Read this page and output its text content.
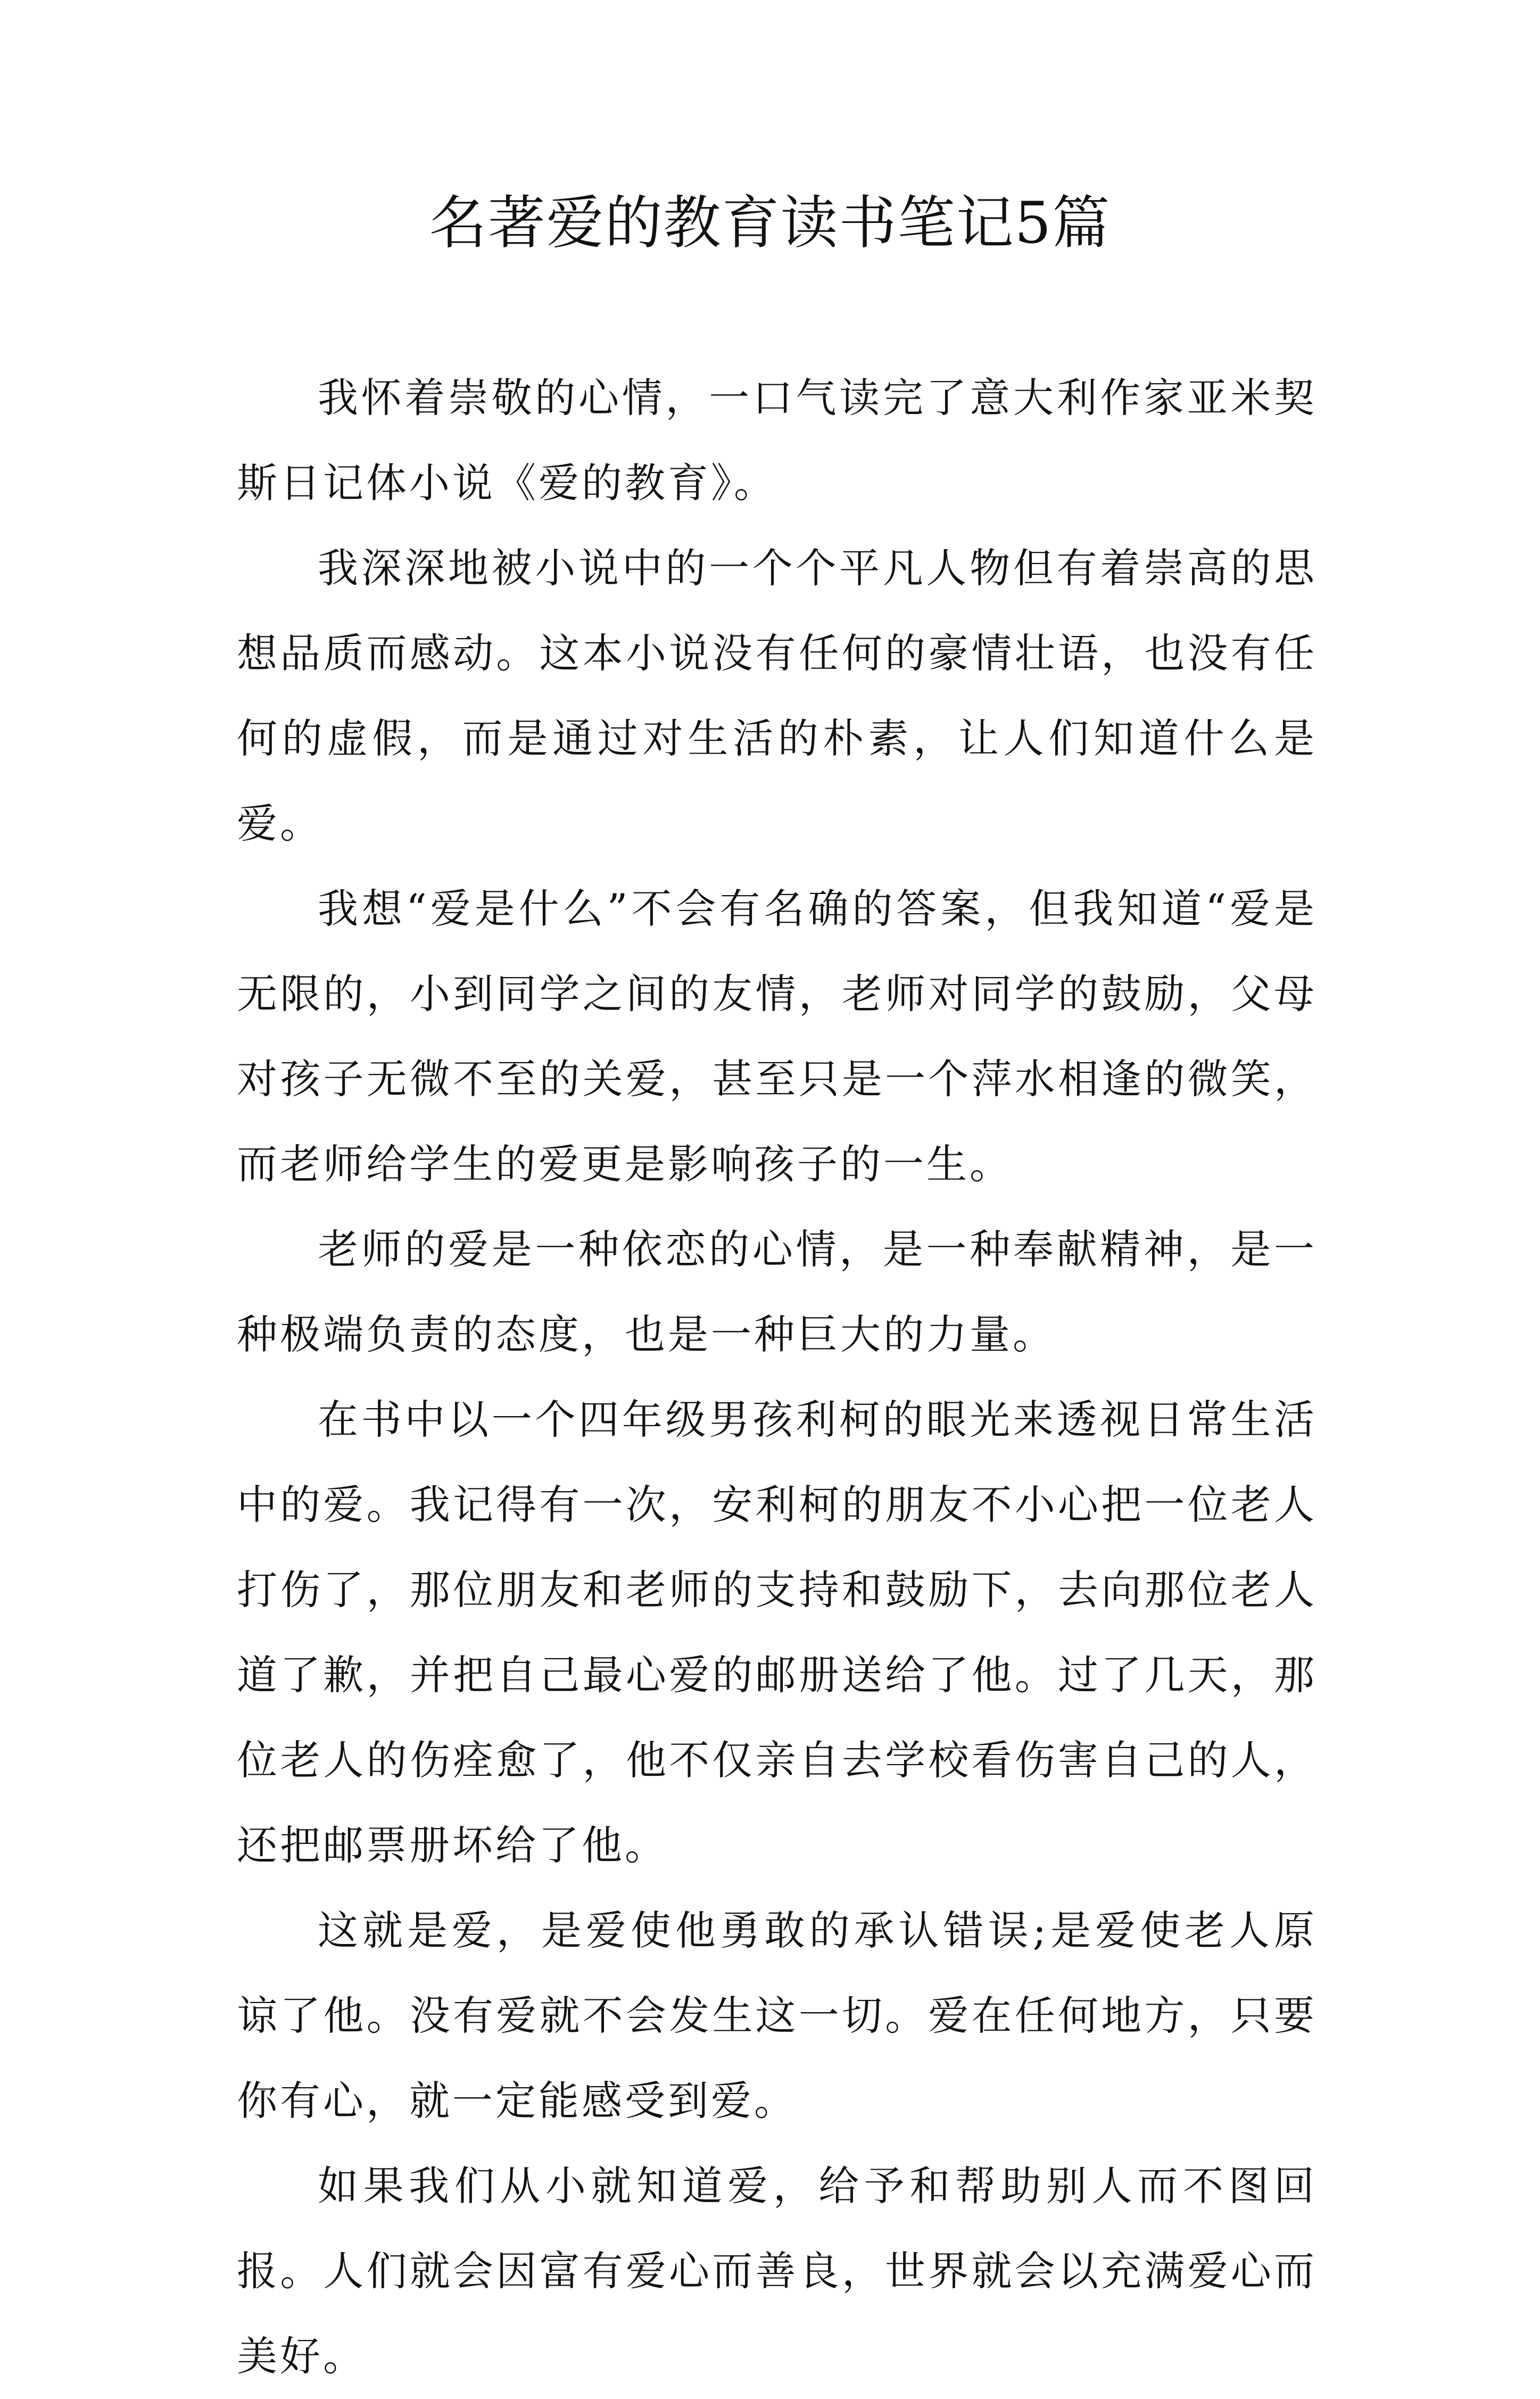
名著爱的教育读书笔记5篇

我怀着崇敬的心情，一口气读完了意大利作家亚米契斯日记体小说《爱的教育》。

我深深地被小说中的一个个平凡人物但有着崇高的思想品质而感动。这本小说没有任何的豪情壮语，也没有任何的虚假，而是通过对生活的朴素，让人们知道什么是爱。

我想“爱是什么”不会有名确的答案，但我知道“爱是无限的，小到同学之间的友情，老师对同学的鼓励，父母对孩子无微不至的关爱，甚至只是一个萍水相逢的微笑，而老师给学生的爱更是影响孩子的一生。

老师的爱是一种依恋的心情，是一种奉献精神，是一种极端负责的态度，也是一种巨大的力量。

在书中以一个四年级男孩利柯的眼光来透视日常生活中的爱。我记得有一次，安利柯的朋友不小心把一位老人打伤了，那位朋友和老师的支持和鼓励下，去向那位老人道了歉，并把自己最心爱的邮册送给了他。过了几天，那位老人的伤痊愈了，他不仅亲自去学校看伤害自己的人，还把邮票册坏给了他。

这就是爱，是爱使他勇敢的承认错误;是爱使老人原谅了他。没有爱就不会发生这一切。爱在任何地方，只要你有心，就一定能感受到爱。

如果我们从小就知道爱，给予和帮助别人而不图回报。人们就会因富有爱心而善良，世界就会以充满爱心而美好。
